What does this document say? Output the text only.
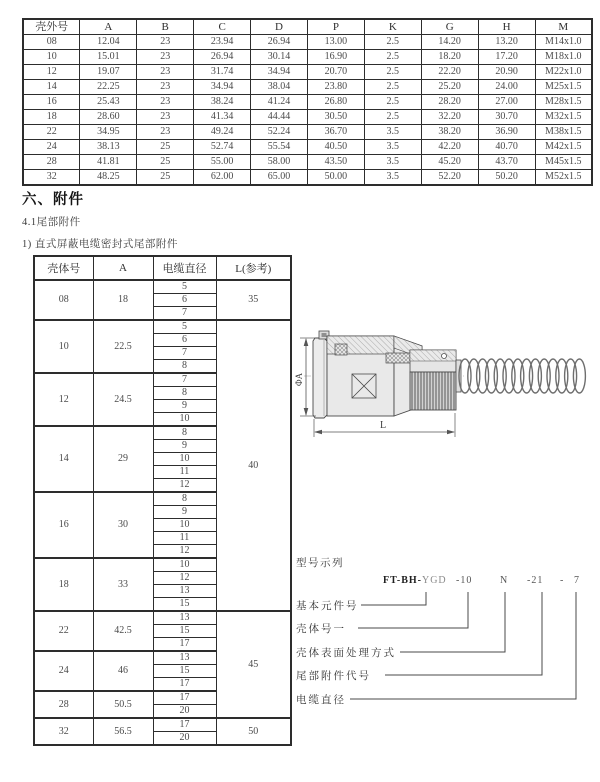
壳外号	A	B	C	D	P	K	G	H	M
08	12.04	23	23.94	26.94	13.00	2.5	14.20	13.20	M14x1.0
10	15.01	23	26.94	30.14	16.90	2.5	18.20	17.20	M18x1.0
12	19.07	23	31.74	34.94	20.70	2.5	22.20	20.90	M22x1.0
14	22.25	23	34.94	38.04	23.80	2.5	25.20	24.00	M25x1.5
16	25.43	23	38.24	41.24	26.80	2.5	28.20	27.00	M28x1.5
18	28.60	23	41.34	44.44	30.50	2.5	32.20	30.70	M32x1.5
22	34.95	23	49.24	52.24	36.70	3.5	38.20	36.90	M38x1.5
24	38.13	25	52.74	55.54	40.50	3.5	42.20	40.70	M42x1.5
28	41.81	25	55.00	58.00	43.50	3.5	45.20	43.70	M45x1.5
32	48.25	25	62.00	65.00	50.00	3.5	52.20	50.20	M52x1.5
六、附件
4.1尾部附件
1) 直式屏蔽电缆密封式尾部附件
壳体号	A	电缆直径	L(参考)
08	18	5	35
		6	
		7	
10	22.5	5	40
		6	
		7	
		8	
12	24.5	7	
		8	
		9	
		10	
14	29	8	
		9	
		10	
		11	
		12	
16	30	8	
		9	
		10	
		11	
		12	
18	33	10	
		12	
		13	
		15	
22	42.5	13	45
		15	
		17	
24	46	13	
		15	
		17	
28	50.5	17	
		20	
32	56.5	17	50
		20	
ΦA
L
型号示列
FT-BH-YGD -10	N -21 - 7
基本元件号
壳体号一
壳体表面处理方式
尾部附件代号
电缆直径
